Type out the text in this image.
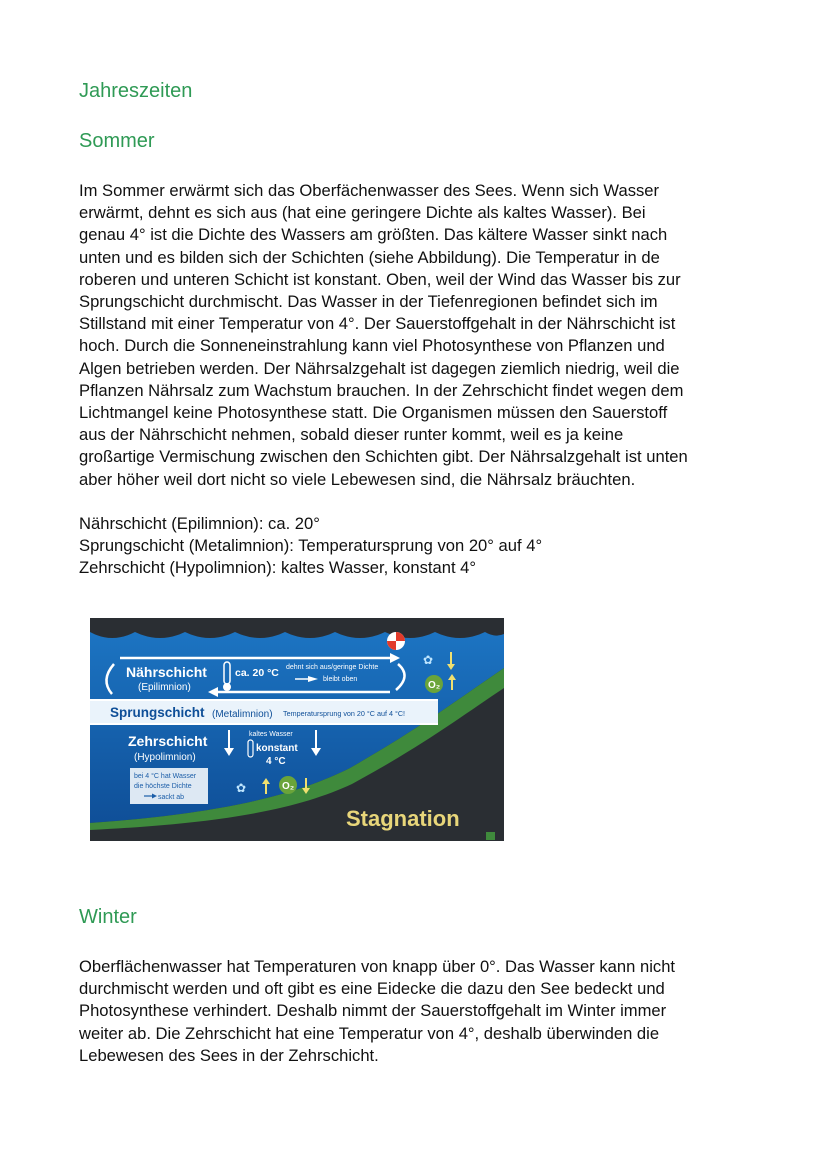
Jahreszeiten
Sommer

Im Sommer erwärmt sich das Oberfächenwasser des Sees. Wenn sich Wasser
erwärmt, dehnt es sich aus (hat eine geringere Dichte als kaltes Wasser). Bei
genau 4° ist die Dichte des Wassers am größten. Das kältere Wasser sinkt nach
unten und es bilden sich der Schichten (siehe Abbildung). Die Temperatur in de
roberen und unteren Schicht ist konstant. Oben, weil der Wind das Wasser bis zur
Sprungschicht durchmischt. Das Wasser in der Tiefenregionen befindet sich im
Stillstand mit einer Temperatur von 4°. Der Sauerstoffgehalt in der Nährschicht ist
hoch. Durch die Sonneneinstrahlung kann viel Photosynthese von Pflanzen und
Algen betrieben werden. Der Nährsalzgehalt ist dagegen ziemlich niedrig, weil die
Pflanzen Nährsalz zum Wachstum brauchen. In der Zehrschicht findet wegen dem
Lichtmangel keine Photosynthese statt. Die Organismen müssen den Sauerstoff
aus der Nährschicht nehmen, sobald dieser runter kommt, weil es ja keine
großartige Vermischung zwischen den Schichten gibt. Der Nährsalzgehalt ist unten
aber höher weil dort nicht so viele Lebewesen sind, die Nährsalz bräuchten.

Nährschicht (Epilimnion): ca. 20°
Sprungschicht (Metalimnion): Temperatursprung von 20° auf 4°
Zehrschicht (Hypolimnion): kaltes Wasser, konstant 4°

Nährschicht
(Epilimnion)
ca. 20 °C dehnt sich aus/geringe Dichte
bleibt oben
✿
O₂
Sprungschicht (Metalimnion) Temperatursprung von 20 °C auf 4 °C!
Zehrschicht
(Hypolimnion)
kaltes Wasser
konstant
4 °C
bei 4 °C hat Wasser
die höchste Dichte
sackt ab
✿	O₂
Stagnation
Winter

Oberflächenwasser hat Temperaturen von knapp über 0°. Das Wasser kann nicht
durchmischt werden und oft gibt es eine Eidecke die dazu den See bedeckt und
Photosynthese verhindert. Deshalb nimmt der Sauerstoffgehalt im Winter immer
weiter ab. Die Zehrschicht hat eine Temperatur von 4°, deshalb überwinden die
Lebewesen des Sees in der Zehrschicht.
